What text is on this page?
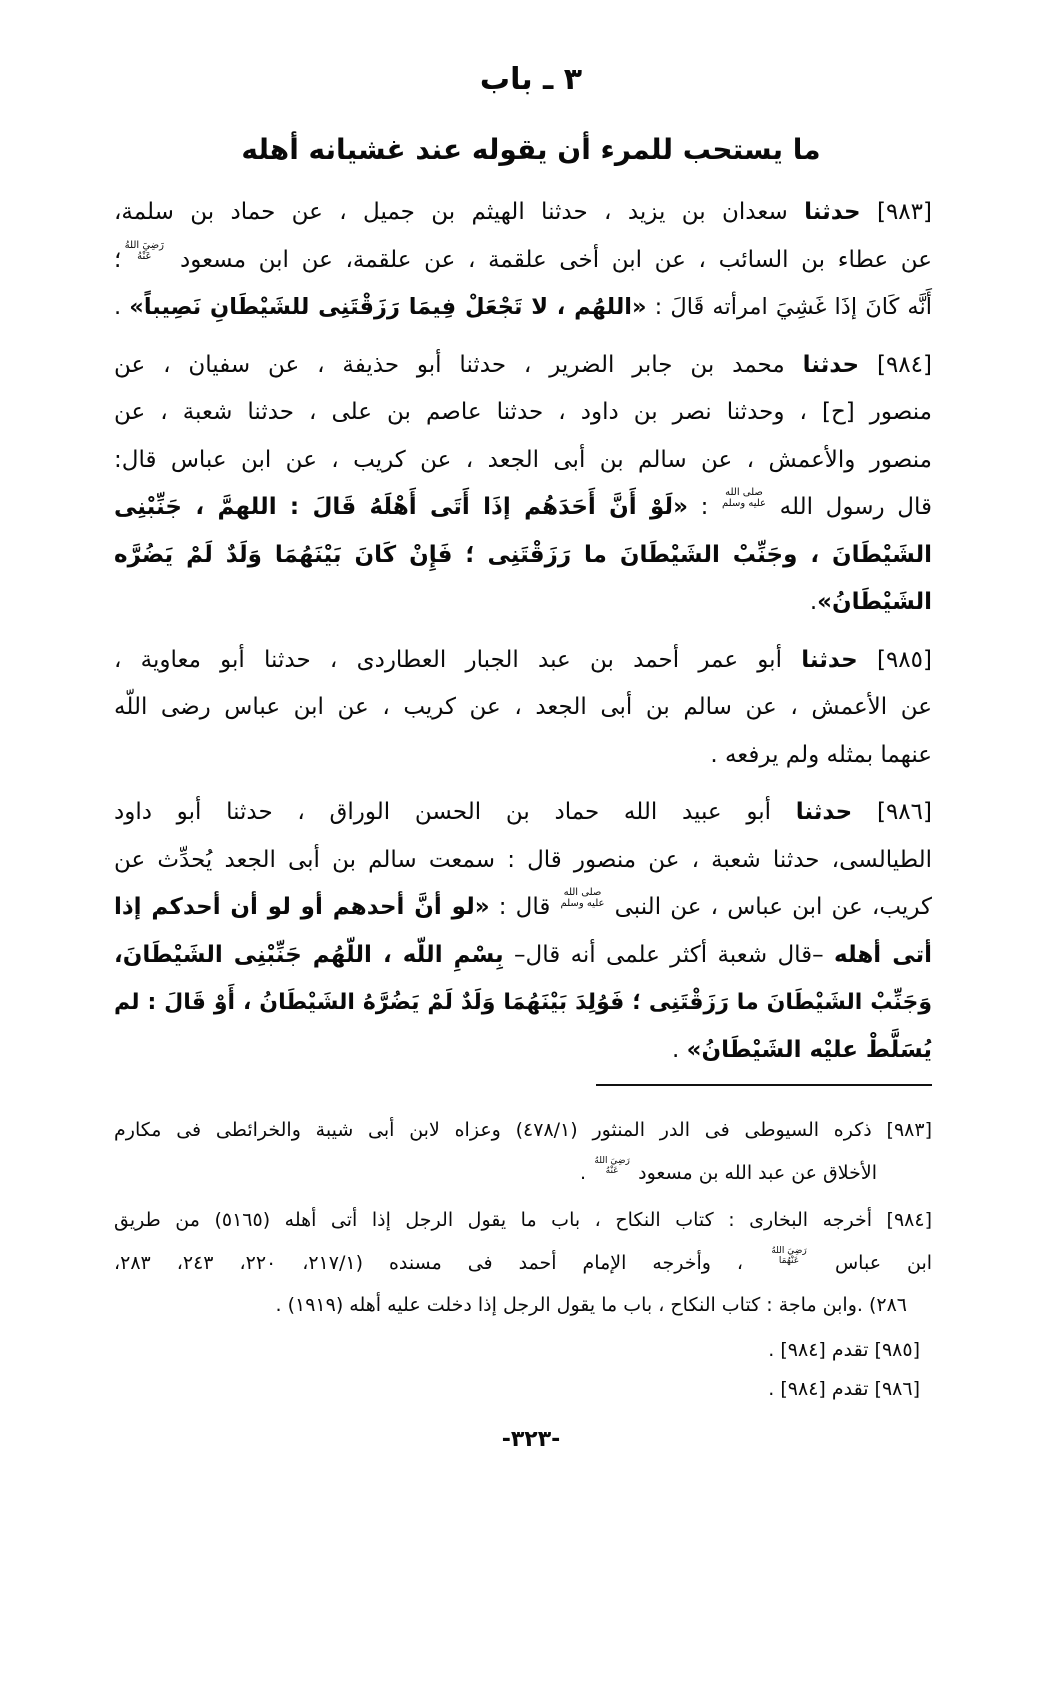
٣ ـ باب
ما يستحب للمرء أن يقوله عند غشيانه أهله
[٩٨٣] حدثنا سعدان بن يزيد ، حدثنا الهيثم بن جميل ، عن حماد بن سلمة،
عن عطاء بن السائب ، عن ابن أخى علقمة ، عن علقمة، عن ابن مسعود رَضِيَ اللهُ عَنْهُ؛
أَنَّه كَانَ إذَا غَشِيَ امرأته قَالَ : «اللهُم ، لا تَجْعَلْ فِيمَا رَزَقْتَنِى للشَيْطَانِ نَصِيباً» .
[٩٨٤] حدثنا محمد بن جابر الضرير ، حدثنا أبو حذيفة ، عن سفيان ، عن
منصور [ح] ، وحدثنا نصر بن داود ، حدثنا عاصم بن على ، حدثنا شعبة ، عن
منصور والأعمش ، عن سالم بن أبى الجعد ، عن كريب ، عن ابن عباس قال:
قال رسول الله صلى الله عليه وسلم : «لَوْ أَنَّ أَحَدَهُم إذَا أَتَى أَهْلَهُ قَالَ : اللهمَّ ، جَنِّبْنِى
الشَيْطَانَ ، وجَنِّبْ الشَيْطَانَ ما رَزَقْتَنِى ؛ فَإِنْ كَانَ بَيْنَهُمَا وَلَدٌ لَمْ يَضُرَّه
الشَيْطَانُ».
[٩٨٥] حدثنا أبو عمر أحمد بن عبد الجبار العطاردى ، حدثنا أبو معاوية ،
عن الأعمش ، عن سالم بن أبى الجعد ، عن كريب ، عن ابن عباس رضى اللّه
عنهما بمثله ولم يرفعه .
[٩٨٦] حدثنا أبو عبيد الله حماد بن الحسن الوراق ، حدثنا أبو داود
الطيالسى، حدثنا شعبة ، عن منصور قال : سمعت سالم بن أبى الجعد يُحدِّث عن
كريب، عن ابن عباس ، عن النبى صلى الله عليه وسلم قال : «لو أنَّ أحدهم أو لو أن أحدكم إذا
أتى أهله –قال شعبة أكثر علمى أنه قال– بِسْمِ اللّه ، اللّهُم جَنِّبْنِى الشَيْطَانَ،
وَجَنِّبْ الشَيْطَانَ ما رَزَقْتَنِى ؛ فَوُلِدَ بَيْنَهُمَا وَلَدٌ لَمْ يَضُرَّهُ الشَيْطَانُ ، أَوْ قَالَ : لم
يُسَلَّطْ عليْه الشَيْطَانُ» .
[٩٨٣] ذكره السيوطى فى الدر المنثور (٤٧٨/١) وعزاه لابن أبى شيبة والخرائطى فى مكارم
الأخلاق عن عبد الله بن مسعود رَضِيَ اللهُ عَنْهُ .
[٩٨٤] أخرجه البخارى : كتاب النكاح ، باب ما يقول الرجل إذا أتى أهله (٥١٦٥) من طريق
ابن عباس رَضِيَ اللهُ عَنْهُمَا ، وأخرجه الإمام أحمد فى مسنده (٢١٧/١، ٢٢٠، ٢٤٣، ٢٨٣،
٢٨٦) .وابن ماجة : كتاب النكاح ، باب ما يقول الرجل إذا دخلت عليه أهله (١٩١٩) .
[٩٨٥] تقدم [٩٨٤] .
[٩٨٦] تقدم [٩٨٤] .
-٣٢٣-
